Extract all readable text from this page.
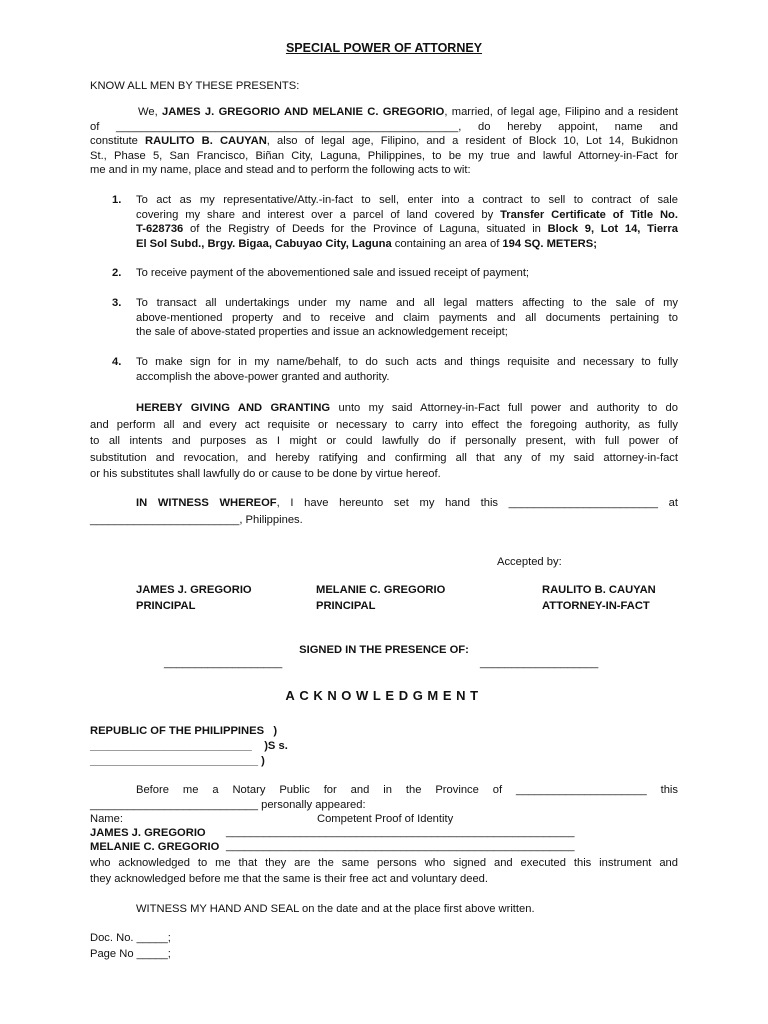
SPECIAL POWER OF ATTORNEY
KNOW ALL MEN BY THESE PRESENTS:
We, JAMES J. GREGORIO AND MELANIE C. GREGORIO, married, of legal age, Filipino and a resident
of _______________________________________________________, do hereby appoint, name and
constitute RAULITO B. CAUYAN, also of legal age, Filipino, and a resident of Block 10, Lot 14, Bukidnon
St., Phase 5, San Francisco, Biñan City, Laguna, Philippines, to be my true and lawful Attorney-in-Fact for
me and in my name, place and stead and to perform the following acts to wit:
1. To act as my representative/Atty.-in-fact to sell, enter into a contract to sell to contract of sale
covering my share and interest over a parcel of land covered by Transfer Certificate of Title No.
T-628736 of the Registry of Deeds for the Province of Laguna, situated in Block 9, Lot 14, Tierra
El Sol Subd., Brgy. Bigaa, Cabuyao City, Laguna containing an area of 194 SQ. METERS;
2. To receive payment of the abovementioned sale and issued receipt of payment;
3. To transact all undertakings under my name and all legal matters affecting to the sale of my
above-mentioned property and to receive and claim payments and all documents pertaining to
the sale of above-stated properties and issue an acknowledgement receipt;
4. To make sign for in my name/behalf, to do such acts and things requisite and necessary to fully
accomplish the above-power granted and authority.
HEREBY GIVING AND GRANTING unto my said Attorney-in-Fact full power and authority to do
and perform all and every act requisite or necessary to carry into effect the foregoing authority, as fully
to all intents and purposes as I might or could lawfully do if personally present, with full power of
substitution and revocation, and hereby ratifying and confirming all that any of my said attorney-in-fact
or his substitutes shall lawfully do or cause to be done by virtue hereof.
IN WITNESS WHEREOF, I have hereunto set my hand this ________________________ at
________________________, Philippines.
Accepted by:
JAMES J. GREGORIO
PRINCIPAL
MELANIE C. GREGORIO
PRINCIPAL
RAULITO B. CAUYAN
ATTORNEY-IN-FACT
SIGNED IN THE PRESENCE OF:
___________________	___________________
ACKNOWLEDGMENT
REPUBLIC OF THE PHILIPPINES   )
__________________________    )S s.
___________________________ )
Before me a Notary Public for and in the Province of _____________________ this
___________________________ personally appeared:
Name:	Competent Proof of Identity
JAMES J. GREGORIO ________________________________________________________
MELANIE C. GREGORIO ________________________________________________________
who acknowledged to me that they are the same persons who signed and executed this instrument and
they acknowledged before me that the same is their free act and voluntary deed.
WITNESS MY HAND AND SEAL on the date and at the place first above written.
Doc. No. _____;
Page No _____;
